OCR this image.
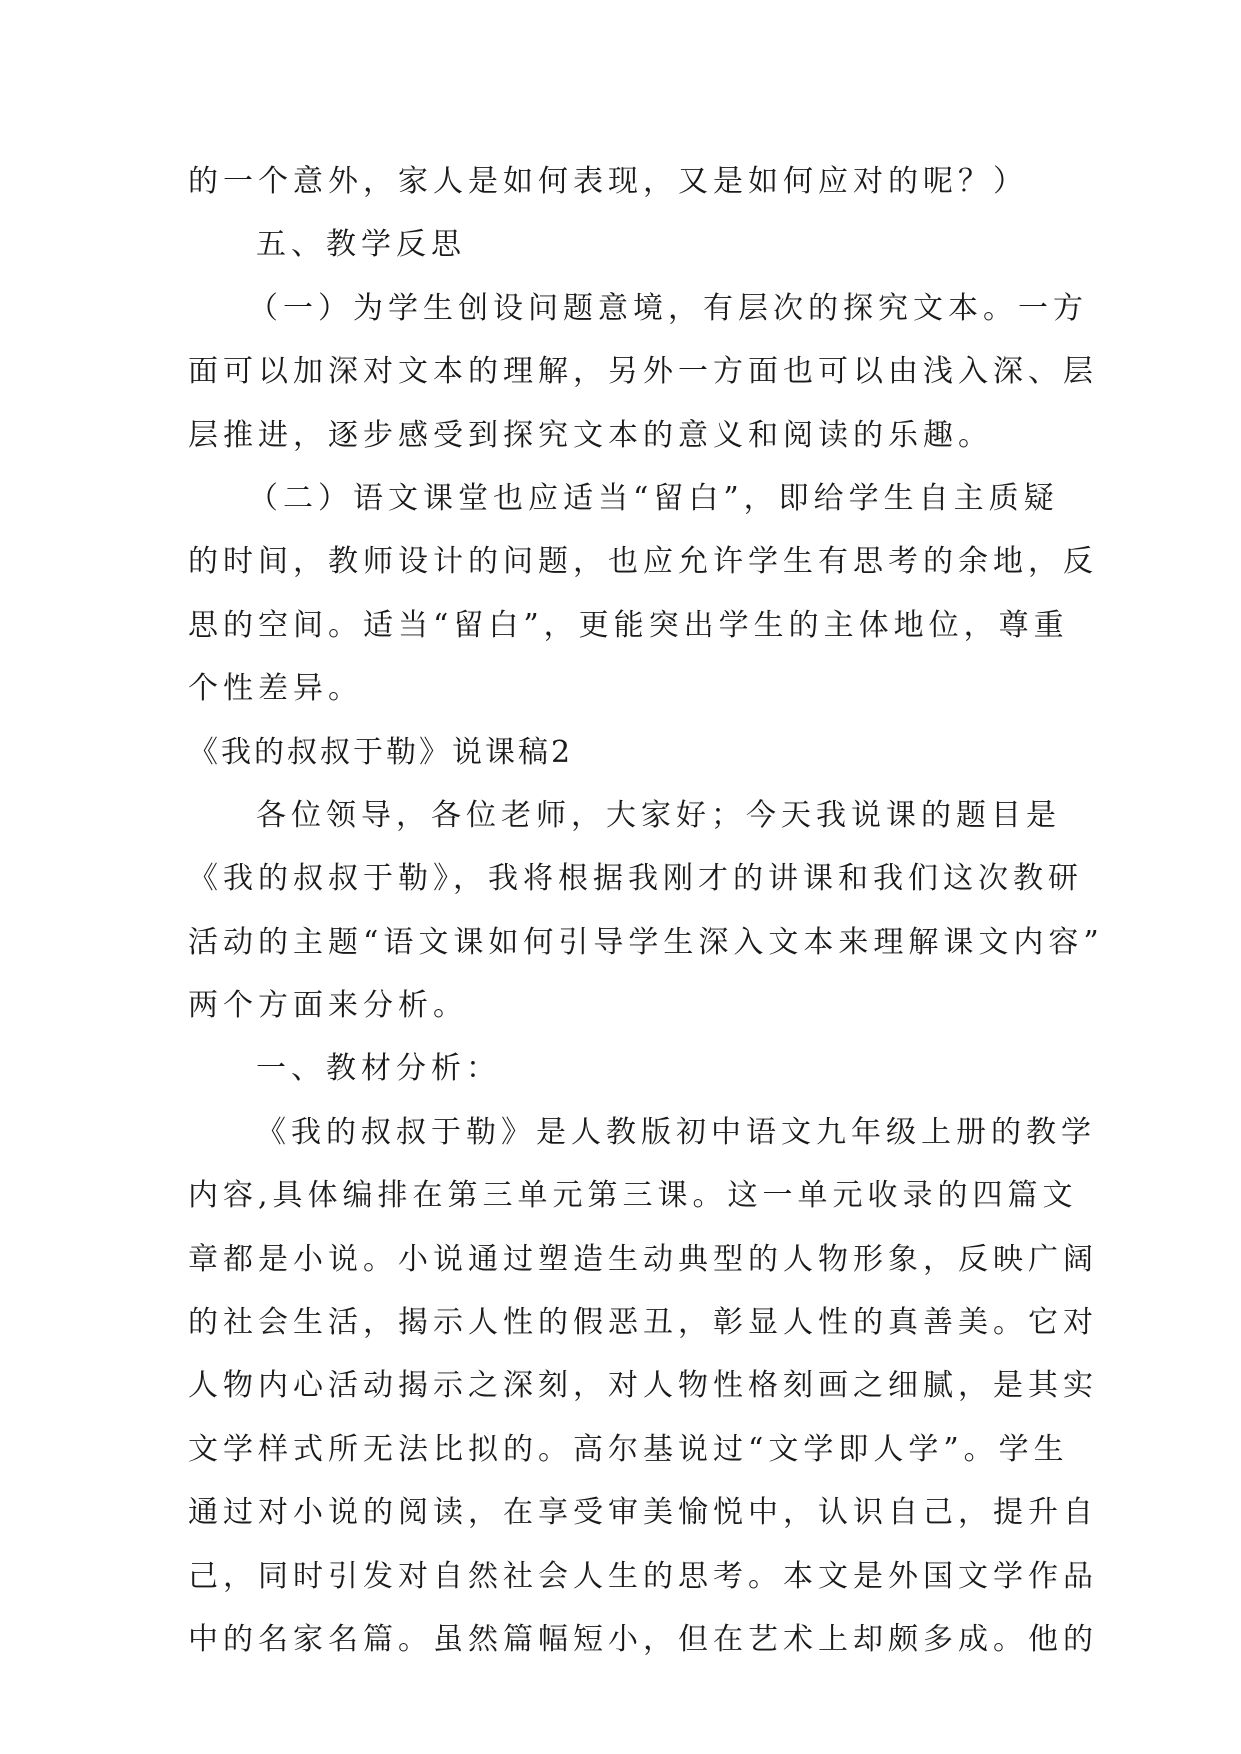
的一个意外，家人是如何表现，又是如何应对的呢？）
五、教学反思
（一）为学生创设问题意境，有层次的探究文本。一方
面可以加深对文本的理解，另外一方面也可以由浅入深、层
层推进，逐步感受到探究文本的意义和阅读的乐趣。
（二）语文课堂也应适当“留白”，即给学生自主质疑
的时间，教师设计的问题，也应允许学生有思考的余地，反
思的空间。适当“留白”，更能突出学生的主体地位，尊重
个性差异。
《我的叔叔于勒》说课稿2
各位领导，各位老师，大家好；今天我说课的题目是
《我的叔叔于勒》，我将根据我刚才的讲课和我们这次教研
活动的主题“语文课如何引导学生深入文本来理解课文内容”
两个方面来分析。
一、教材分析：
《我的叔叔于勒》是人教版初中语文九年级上册的教学
内容,具体编排在第三单元第三课。这一单元收录的四篇文
章都是小说。小说通过塑造生动典型的人物形象，反映广阔
的社会生活，揭示人性的假恶丑，彰显人性的真善美。它对
人物内心活动揭示之深刻，对人物性格刻画之细腻，是其实
文学样式所无法比拟的。高尔基说过“文学即人学”。学生
通过对小说的阅读，在享受审美愉悦中，认识自己，提升自
己，同时引发对自然社会人生的思考。本文是外国文学作品
中的名家名篇。虽然篇幅短小，但在艺术上却颇多成。他的
